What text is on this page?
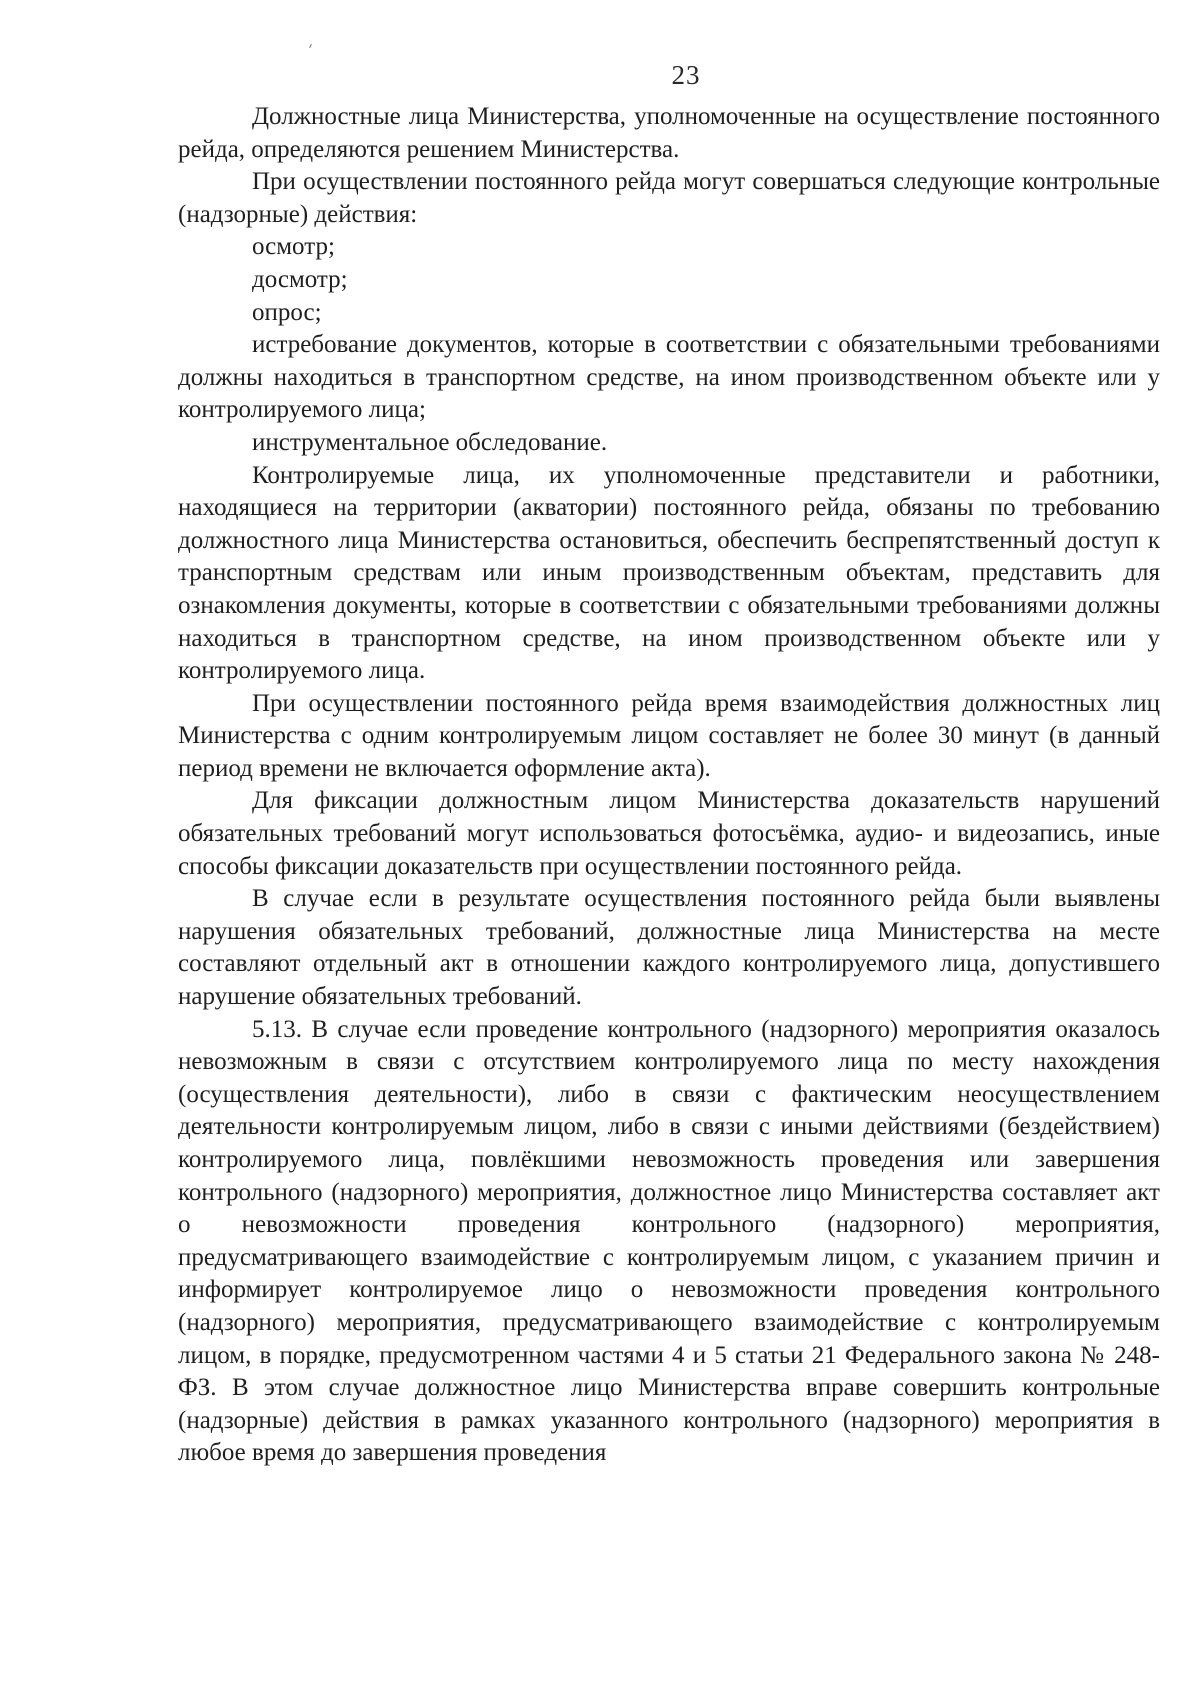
23

Должностные лица Министерства, уполномоченные на осуществление постоянного рейда, определяются решением Министерства.

При осуществлении постоянного рейда могут совершаться следующие контрольные (надзорные) действия:

осмотр;

досмотр;

опрос;

истребование документов, которые в соответствии с обязательными требованиями должны находиться в транспортном средстве, на ином производственном объекте или у контролируемого лица;

инструментальное обследование.

Контролируемые лица, их уполномоченные представители и работники, находящиеся на территории (акватории) постоянного рейда, обязаны по требованию должностного лица Министерства остановиться, обеспечить беспрепятственный доступ к транспортным средствам или иным производственным объектам, представить для ознакомления документы, которые в соответствии с обязательными требованиями должны находиться в транспортном средстве, на ином производственном объекте или у контролируемого лица.

При осуществлении постоянного рейда время взаимодействия должностных лиц Министерства с одним контролируемым лицом составляет не более 30 минут (в данный период времени не включается оформление акта).

Для фиксации должностным лицом Министерства доказательств нарушений обязательных требований могут использоваться фотосъёмка, аудио- и видеозапись, иные способы фиксации доказательств при осуществлении постоянного рейда.

В случае если в результате осуществления постоянного рейда были выявлены нарушения обязательных требований, должностные лица Министерства на месте составляют отдельный акт в отношении каждого контролируемого лица, допустившего нарушение обязательных требований.

5.13. В случае если проведение контрольного (надзорного) мероприятия оказалось невозможным в связи с отсутствием контролируемого лица по месту нахождения (осуществления деятельности), либо в связи с фактическим неосуществлением деятельности контролируемым лицом, либо в связи с иными действиями (бездействием) контролируемого лица, повлёкшими невозможность проведения или завершения контрольного (надзорного) мероприятия, должностное лицо Министерства составляет акт о невозможности проведения контрольного (надзорного) мероприятия, предусматривающего взаимодействие с контролируемым лицом, с указанием причин и информирует контролируемое лицо о невозможности проведения контрольного (надзорного) мероприятия, предусматривающего взаимодействие с контролируемым лицом, в порядке, предусмотренном частями 4 и 5 статьи 21 Федерального закона № 248-ФЗ. В этом случае должностное лицо Министерства вправе совершить контрольные (надзорные) действия в рамках указанного контрольного (надзорного) мероприятия в любое время до завершения проведения
